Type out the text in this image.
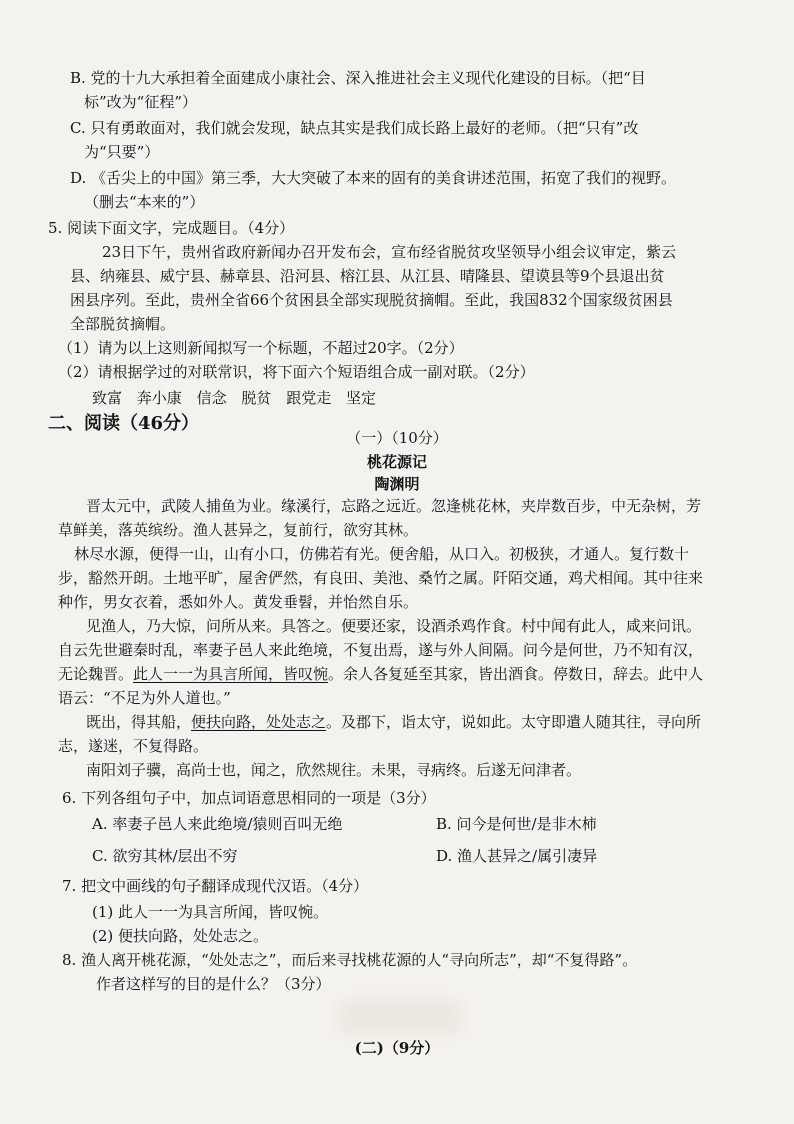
B. 党的十九大承担着全面建成小康社会、深入推进社会主义现代化建设的目标。（把“目
标”改为“征程”）
C. 只有勇敢面对，我们就会发现，缺点其实是我们成长路上最好的老师。（把“只有”改
为“只要”）
D. 《舌尖上的中国》第三季，大大突破了本来的固有的美食讲述范围，拓宽了我们的视野。
（删去“本来的”）
5. 阅读下面文字，完成题目。（4分）
23日下午，贵州省政府新闻办召开发布会，宣布经省脱贫攻坚领导小组会议审定，紫云
县、纳雍县、威宁县、赫章县、沿河县、榕江县、从江县、晴隆县、望谟县等9个县退出贫
困县序列。至此，贵州全省66个贫困县全部实现脱贫摘帽。至此，我国832个国家级贫困县
全部脱贫摘帽。
（1）请为以上这则新闻拟写一个标题，不超过20字。（2分）
（2）请根据学过的对联常识，将下面六个短语组合成一副对联。（2分）
致富 奔小康 信念 脱贫 跟党走 坚定
二、阅读（46分）
（一）（10分）
桃花源记
陶渊明
晋太元中，武陵人捕鱼为业。缘溪行，忘路之远近。忽逢桃花林，夹岸数百步，中无杂树，芳
草鲜美，落英缤纷。渔人甚异之，复前行，欲穷其林。
林尽水源，便得一山，山有小口，仿佛若有光。便舍船，从口入。初极狭，才通人。复行数十
步，豁然开朗。土地平旷，屋舍俨然，有良田、美池、桑竹之属。阡陌交通，鸡犬相闻。其中往来
种作，男女衣着，悉如外人。黄发垂髫，并怡然自乐。
见渔人，乃大惊，问所从来。具答之。便要还家，设酒杀鸡作食。村中闻有此人，咸来问讯。
自云先世避秦时乱，率妻子邑人来此绝境，不复出焉，遂与外人间隔。问今是何世，乃不知有汉，
无论魏晋。此人一一为具言所闻，皆叹惋。余人各复延至其家，皆出酒食。停数日，辞去。此中人
语云：“不足为外人道也。”
既出，得其船，便扶向路，处处志之。及郡下，诣太守，说如此。太守即遣人随其往，寻向所
志，遂迷，不复得路。
南阳刘子骥，高尚士也，闻之，欣然规往。未果，寻病终。后遂无问津者。
6. 下列各组句子中，加点词语意思相同的一项是（3分）
A. 率妻子邑人来此绝境/猿则百叫无绝	B. 问今是何世/是非木柿
C. 欲穷其林/层出不穷	D. 渔人甚异之/属引凄异
7. 把文中画线的句子翻译成现代汉语。（4分）
(1) 此人一一为具言所闻，皆叹惋。
(2) 便扶向路，处处志之。
8. 渔人离开桃花源，“处处志之”，而后来寻找桃花源的人“寻向所志”，却“不复得路”。
作者这样写的目的是什么？（3分）
(二)（9分）
